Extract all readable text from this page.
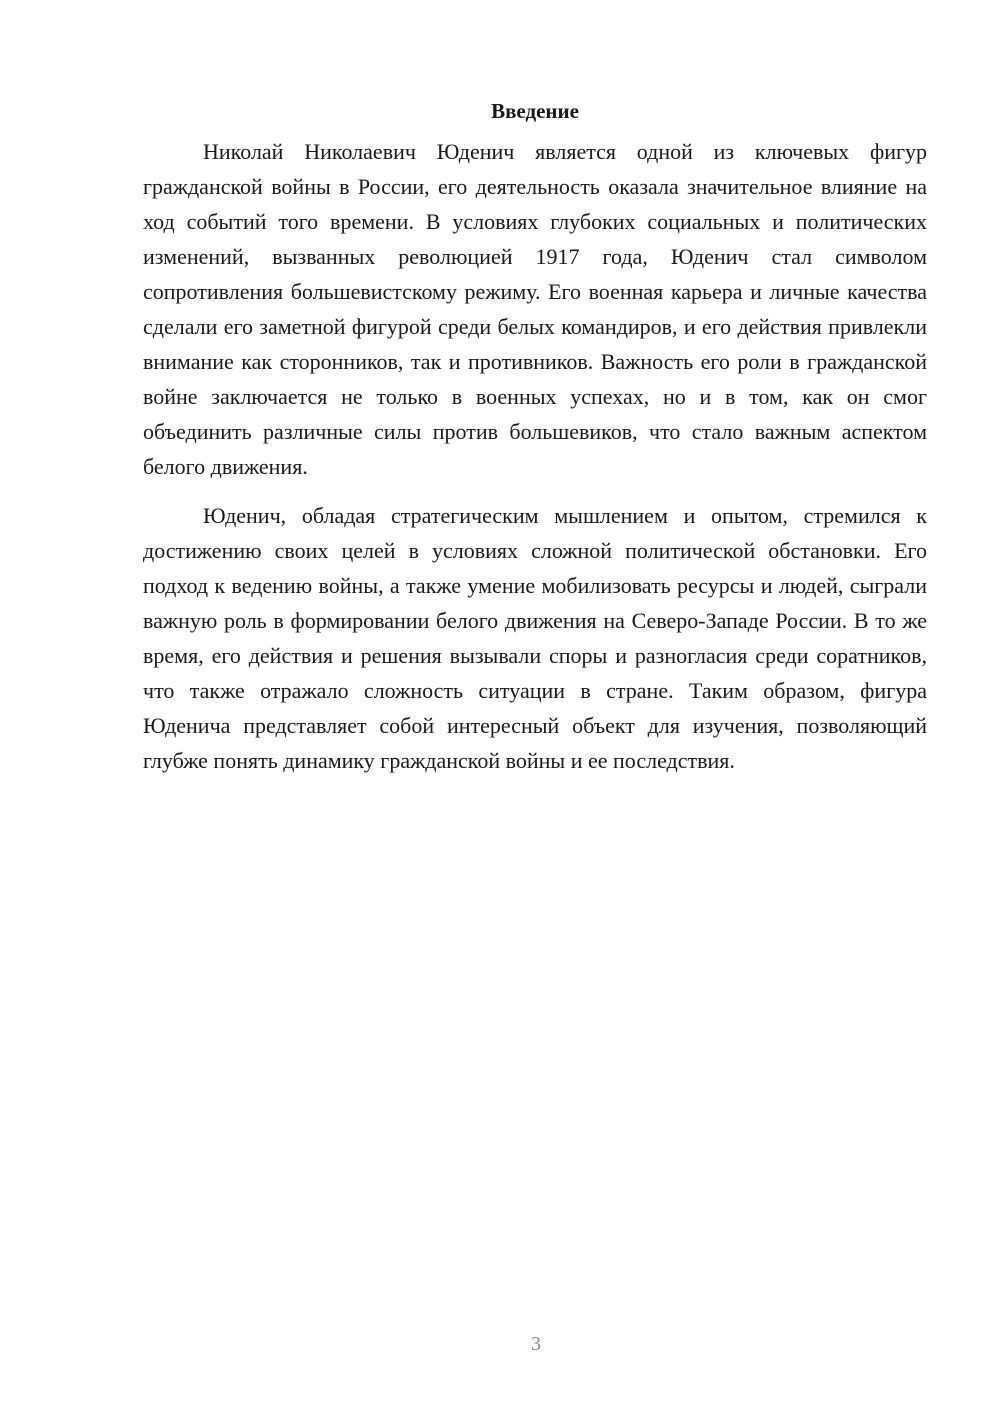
Введение

Николай Николаевич Юденич является одной из ключевых фигур гражданской войны в России, его деятельность оказала значительное влияние на ход событий того времени. В условиях глубоких социальных и политических изменений, вызванных революцией 1917 года, Юденич стал символом сопротивления большевистскому режиму. Его военная карьера и личные качества сделали его заметной фигурой среди белых командиров, и его действия привлекли внимание как сторонников, так и противников. Важность его роли в гражданской войне заключается не только в военных успехах, но и в том, как он смог объединить различные силы против большевиков, что стало важным аспектом белого движения.

Юденич, обладая стратегическим мышлением и опытом, стремился к достижению своих целей в условиях сложной политической обстановки. Его подход к ведению войны, а также умение мобилизовать ресурсы и людей, сыграли важную роль в формировании белого движения на Северо-Западе России. В то же время, его действия и решения вызывали споры и разногласия среди соратников, что также отражало сложность ситуации в стране. Таким образом, фигура Юденича представляет собой интересный объект для изучения, позволяющий глубже понять динамику гражданской войны и ее последствия.

3
